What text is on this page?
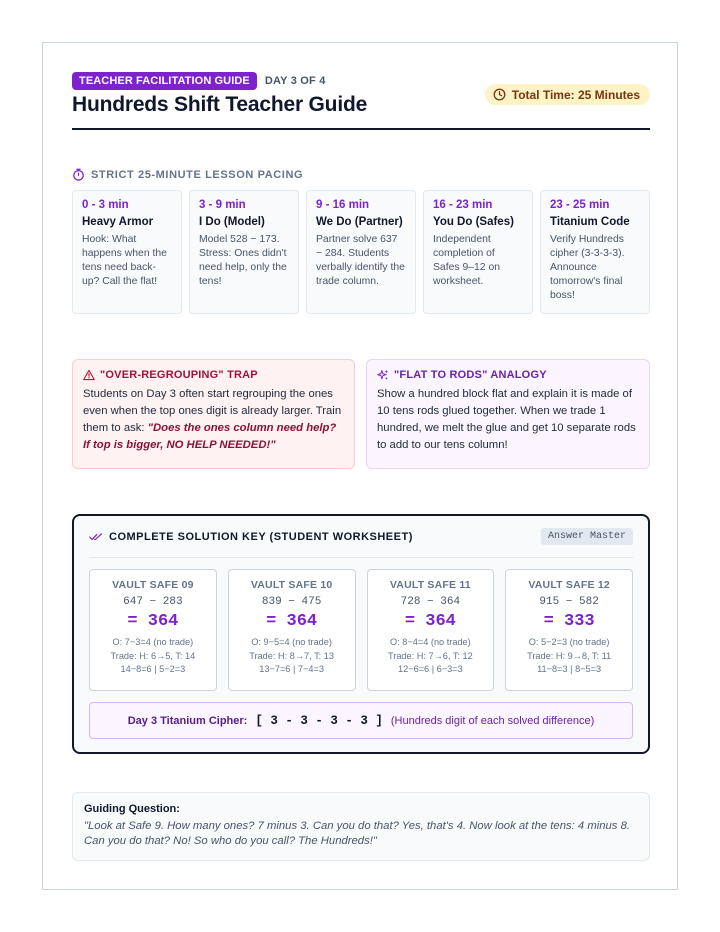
TEACHER FACILITATION GUIDE	DAY 3 OF 4
Hundreds Shift Teacher Guide	Total Time: 25 Minutes
STRICT 25-MINUTE LESSON PACING
0 - 3 min
Heavy Armor
Hook: What happens when the tens need back-up? Call the flat!
3 - 9 min
I Do (Model)
Model 528 − 173. Stress: Ones didn't need help, only the tens!
9 - 16 min
We Do (Partner)
Partner solve 637 − 284. Students verbally identify the trade column.
16 - 23 min
You Do (Safes)
Independent completion of Safes 9–12 on worksheet.
23 - 25 min
Titanium Code
Verify Hundreds cipher (3-3-3-3). Announce tomorrow's final boss!
"OVER-REGROUPING" TRAP
Students on Day 3 often start regrouping the ones even when the top ones digit is already larger. Train them to ask: "Does the ones column need help? If top is bigger, NO HELP NEEDED!"
"FLAT TO RODS" ANALOGY
Show a hundred block flat and explain it is made of 10 tens rods glued together. When we trade 1 hundred, we melt the glue and get 10 separate rods to add to our tens column!
COMPLETE SOLUTION KEY (STUDENT WORKSHEET)	Answer Master
VAULT SAFE 09
647 − 283
= 364
O: 7−3=4 (no trade)
Trade: H: 6→5, T: 14
14−8=6 | 5−2=3
VAULT SAFE 10
839 − 475
= 364
O: 9−5=4 (no trade)
Trade: H: 8→7, T: 13
13−7=6 | 7−4=3
VAULT SAFE 11
728 − 364
= 364
O: 8−4=4 (no trade)
Trade: H: 7→6, T: 12
12−6=6 | 6−3=3
VAULT SAFE 12
915 − 582
= 333
O: 5−2=3 (no trade)
Trade: H: 9→8, T: 11
11−8=3 | 8−5=3
Day 3 Titanium Cipher: [ 3 - 3 - 3 - 3 ] (Hundreds digit of each solved difference)
Guiding Question:
"Look at Safe 9. How many ones? 7 minus 3. Can you do that? Yes, that's 4. Now look at the tens: 4 minus 8. Can you do that? No! So who do you call? The Hundreds!"
